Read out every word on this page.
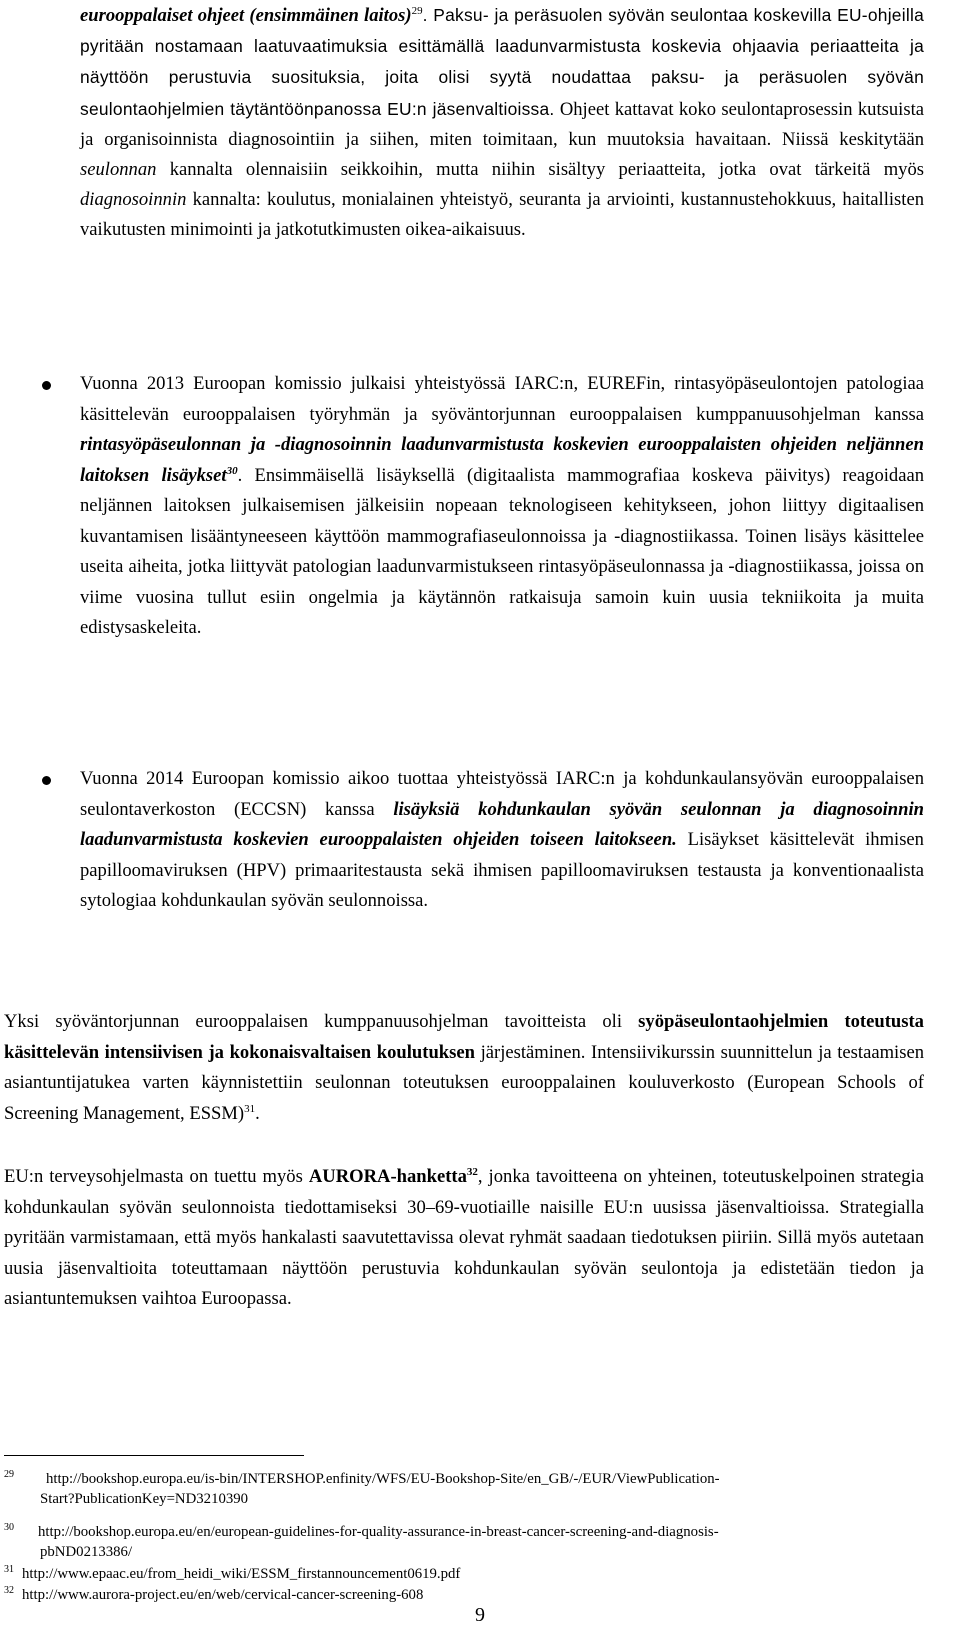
eurooppalaiset ohjeet (ensimmäinen laitos)$^{29}$. Paksu- ja peräsuolen syövän seulontaa koskevilla EU-ohjeilla pyritään nostamaan laatuvaatimuksia esittämällä laadunvarmistusta koskevia ohjaavia periaatteita ja näyttöön perustuvia suosituksia, joita olisi syytä noudattaa paksu- ja peräsuolen syövän seulontaohjelmien täytäntöönpanossa EU:n jäsenvaltioissa. Ohjeet kattavat koko seulontaprosessin kutsuista ja organisoinnista diagnosointiin ja siihen, miten toimitaan, kun muutoksia havaitaan. Niissä keskitytään seulonnan kannalta olennaisiin seikkoihin, mutta niihin sisältyy periaatteita, jotka ovat tärkeitä myös diagnosoinnin kannalta: koulutus, monialainen yhteistyö, seuranta ja arviointi, kustannustehokkuus, haitallisten vaikutusten minimointi ja jatkotutkimusten oikea-aikaisuus.

Vuonna 2013 Euroopan komissio julkaisi yhteistyössä IARC:n, EUREFin, rintasyöpäseulontojen patologiaa käsittelevän eurooppalaisen työryhmän ja syöväntorjunnan eurooppalaisen kumppanuusohjelman kanssa rintasyöpäseulonnan ja -diagnosoinnin laadunvarmistusta koskevien eurooppalaisten ohjeiden neljännen laitoksen lisäykset$^{30}$. Ensimmäisellä lisäyksellä (digitaalista mammografiaa koskeva päivitys) reagoidaan neljännen laitoksen julkaisemisen jälkeisiin nopeaan teknologiseen kehitykseen, johon liittyy digitaalisen kuvantamisen lisääntyneeseen käyttöön mammografiaseulonnoissa ja -diagnostiikassa. Toinen lisäys käsittelee useita aiheita, jotka liittyvät patologian laadunvarmistukseen rintasyöpäseulonnassa ja -diagnostiikassa, joissa on viime vuosina tullut esiin ongelmia ja käytännön ratkaisuja samoin kuin uusia tekniikoita ja muita edistysaskeleita.

Vuonna 2014 Euroopan komissio aikoo tuottaa yhteistyössä IARC:n ja kohdunkaulansyövän eurooppalaisen seulontaverkoston (ECCSN) kanssa lisäyksiä kohdunkaulan syövän seulonnan ja diagnosoinnin laadunvarmistusta koskevien eurooppalaisten ohjeiden toiseen laitokseen. Lisäykset käsittelevät ihmisen papilloomaviruksen (HPV) primaaritestausta sekä ihmisen papilloomaviruksen testausta ja konventionaalista sytologiaa kohdunkaulan syövän seulonnoissa.

Yksi syöväntorjunnan eurooppalaisen kumppanuusohjelman tavoitteista oli syöpäseulontaohjelmien toteutusta käsittelevän intensiivisen ja kokonaisvaltaisen koulutuksen järjestäminen. Intensiivikurssin suunnittelun ja testaamisen asiantuntijatukea varten käynnistettiin seulonnan toteutuksen eurooppalainen kouluverkosto (European Schools of Screening Management, ESSM)$^{31}$.

EU:n terveysohjelmasta on tuettu myös AURORA-hanketta$^{32}$, jonka tavoitteena on yhteinen, toteutuskelpoinen strategia kohdunkaulan syövän seulonnoista tiedottamiseksi 30–69-vuotiaille naisille EU:n uusissa jäsenvaltioissa. Strategialla pyritään varmistamaan, että myös hankalasti saavutettavissa olevat ryhmät saadaan tiedotuksen piiriin. Sillä myös autetaan uusia jäsenvaltioita toteuttamaan näyttöön perustuvia kohdunkaulan syövän seulontoja ja edistetään tiedon ja asiantuntemuksen vaihtoa Euroopassa.

29 http://bookshop.europa.eu/is-bin/INTERSHOP.enfinity/WFS/EU-Bookshop-Site/en_GB/-/EUR/ViewPublication-
Start?PublicationKey=ND3210390
30 http://bookshop.europa.eu/en/european-guidelines-for-quality-assurance-in-breast-cancer-screening-and-diagnosis-
pbND0213386/
31 http://www.epaac.eu/from_heidi_wiki/ESSM_firstannouncement0619.pdf
32 http://www.aurora-project.eu/en/web/cervical-cancer-screening-608
9
